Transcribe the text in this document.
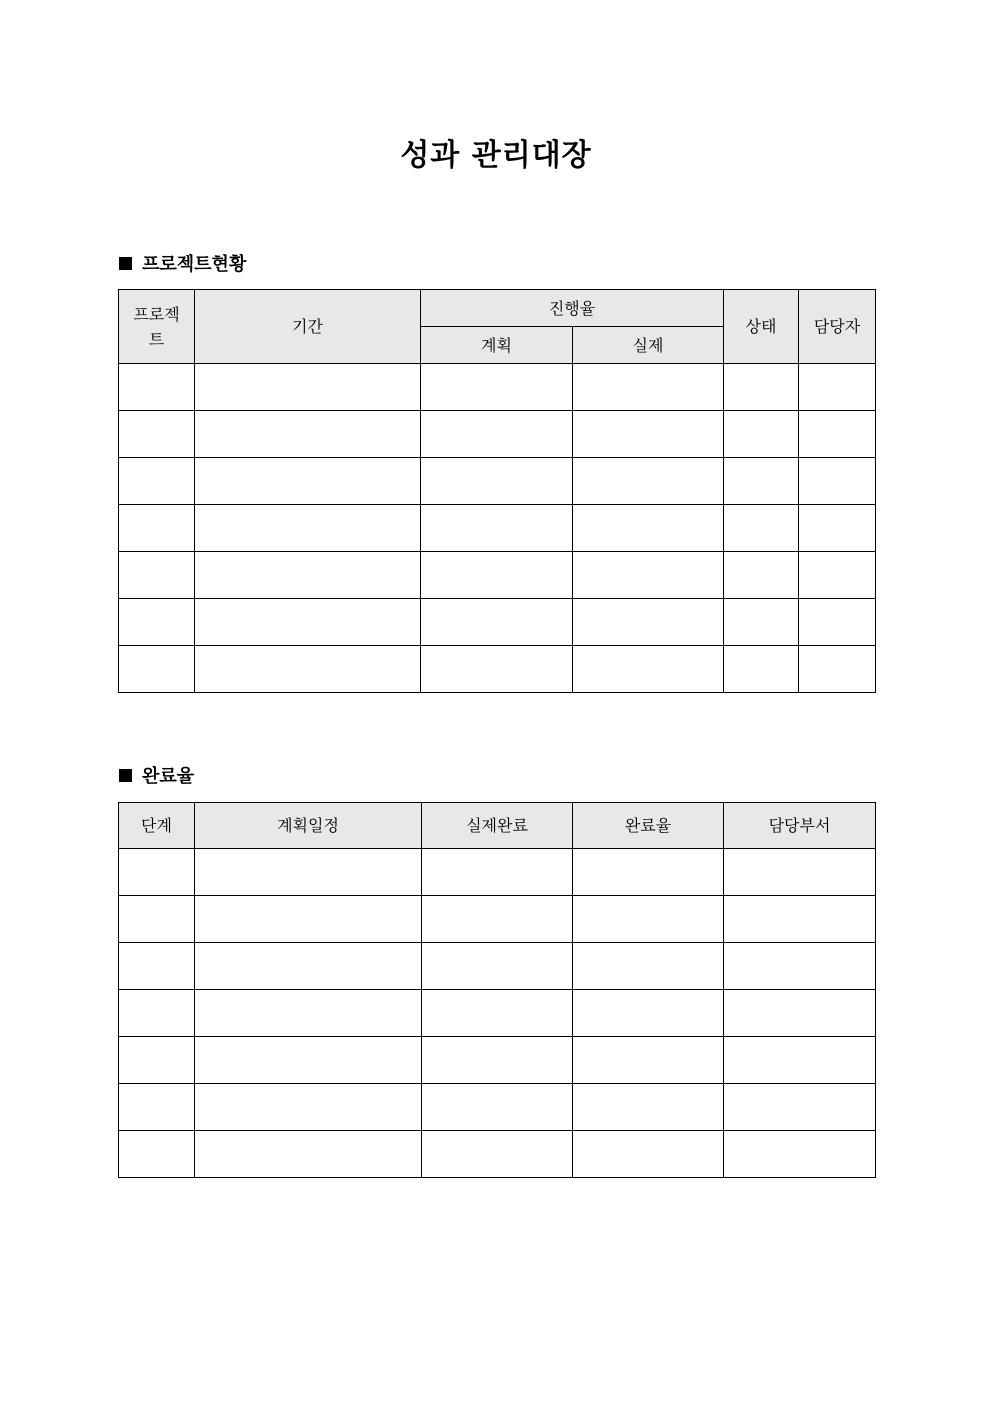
성과 관리대장
프로젝트현황
프로젝트	기간	진행율		상태	담당자
		계획	실제		

완료율
단계	계획일정	실제완료	완료율	담당부서
